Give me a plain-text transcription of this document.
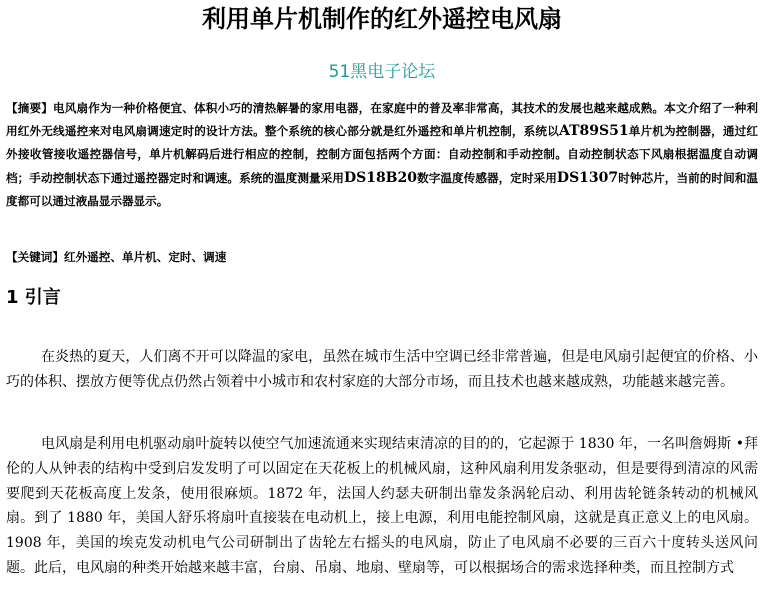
利用单片机制作的红外遥控电风扇
51黑电子论坛

【摘要】电风扇作为一种价格便宜、体积小巧的清热解暑的家用电器，在家庭中的普及率非常高，其技术的发展也越来越成熟。本文介绍了一种利用红外无线遥控来对电风扇调速定时的设计方法。整个系统的核心部分就是红外遥控和单片机控制，系统以AT89S51单片机为控制器，通过红外接收管接收遥控器信号，单片机解码后进行相应的控制，控制方面包括两个方面：自动控制和手动控制。自动控制状态下风扇根据温度自动调档；手动控制状态下通过遥控器定时和调速。系统的温度测量采用DS18B20数字温度传感器，定时采用DS1307时钟芯片，当前的时间和温度都可以通过液晶显示器显示。

【关键词】红外遥控、单片机、定时、调速

1 引言

在炎热的夏天，人们离不开可以降温的家电，虽然在城市生活中空调已经非常普遍，但是电风扇引起便宜的价格、小巧的体积、摆放方便等优点仍然占领着中小城市和农村家庭的大部分市场，而且技术也越来越成熟，功能越来越完善。

电风扇是利用电机驱动扇叶旋转以使空气加速流通来实现结束清凉的目的的，它起源于 1830 年，一名叫詹姆斯 •拜伦的人从钟表的结构中受到启发发明了可以固定在天花板上的机械风扇，这种风扇利用发条驱动，但是要得到清凉的风需要爬到天花板高度上发条，使用很麻烦。1872 年，法国人约瑟夫研制出靠发条涡轮启动、利用齿轮链条转动的机械风扇。到了 1880 年，美国人舒乐将扇叶直接装在电动机上，接上电源，利用电能控制风扇，这就是真正意义上的电风扇。1908 年，美国的埃克发动机电气公司研制出了齿轮左右摇头的电风扇，防止了电风扇不必要的三百六十度转头送风问题。此后，电风扇的种类开始越来越丰富，台扇、吊扇、地扇、壁扇等，可以根据场合的需求选择种类，而且控制方式
